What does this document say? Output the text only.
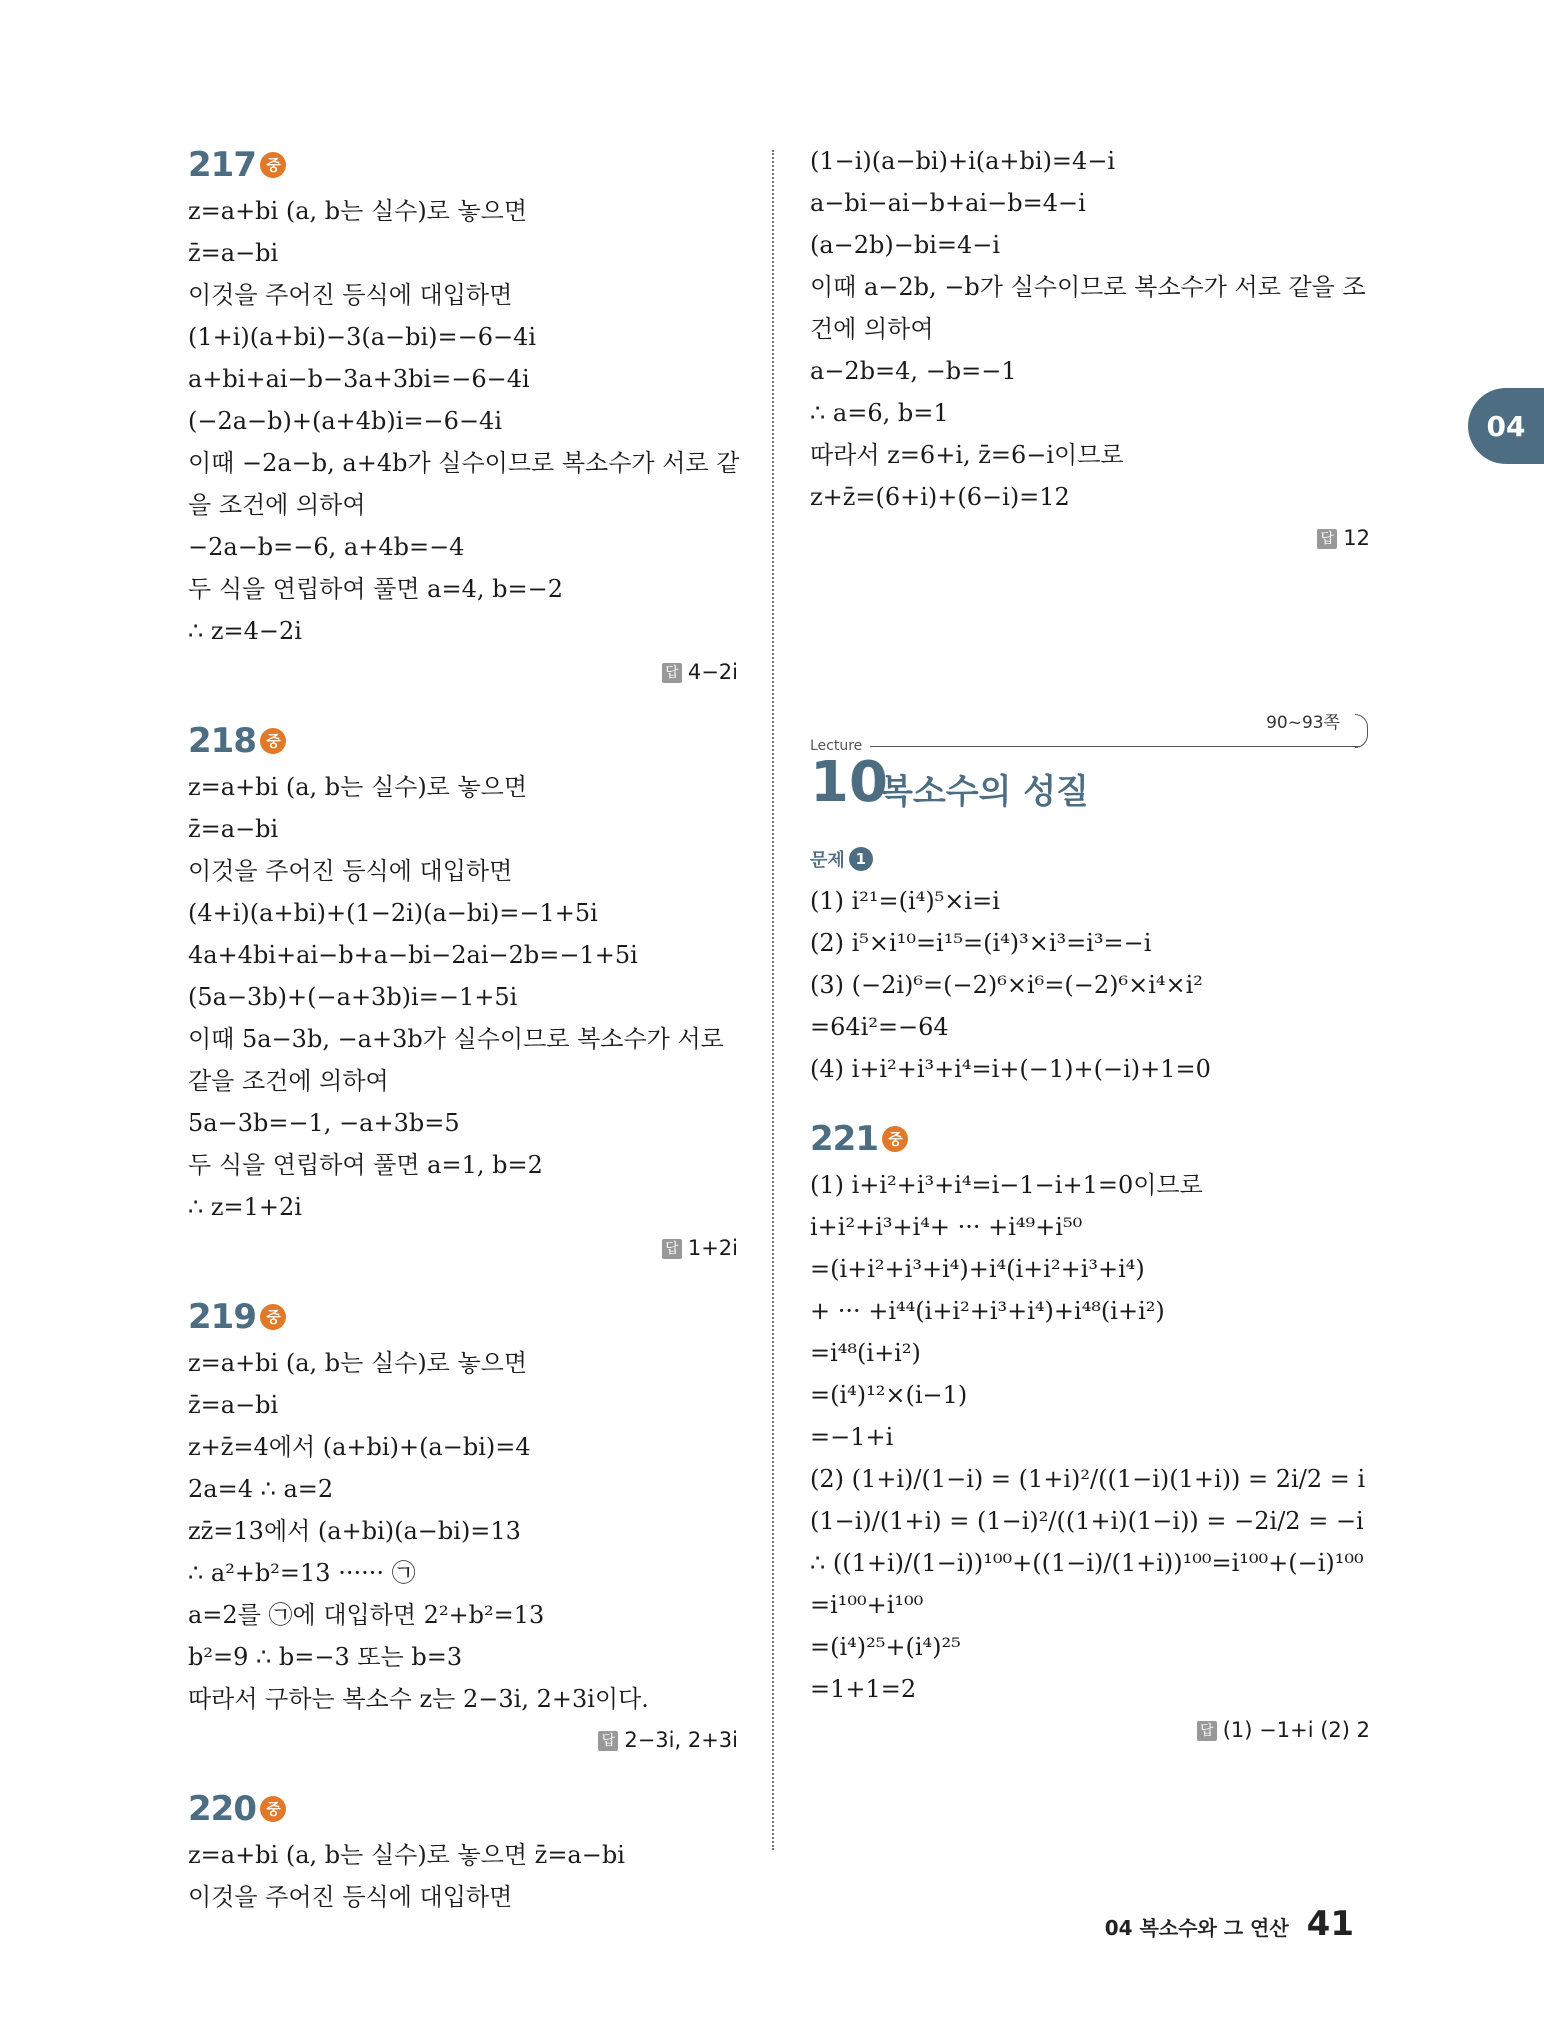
04
217 중
z=a+bi (a, b는 실수)로 놓으면
z̄=a−bi
이것을 주어진 등식에 대입하면
(1+i)(a+bi)−3(a−bi)=−6−4i
a+bi+ai−b−3a+3bi=−6−4i
(−2a−b)+(a+4b)i=−6−4i
이때 −2a−b, a+4b가 실수이므로 복소수가 서로 같
을 조건에 의하여
−2a−b=−6, a+4b=−4
두 식을 연립하여 풀면 a=4, b=−2
∴ z=4−2i
답 4−2i
218 중
z=a+bi (a, b는 실수)로 놓으면
z̄=a−bi
이것을 주어진 등식에 대입하면
(4+i)(a+bi)+(1−2i)(a−bi)=−1+5i
4a+4bi+ai−b+a−bi−2ai−2b=−1+5i
(5a−3b)+(−a+3b)i=−1+5i
이때 5a−3b, −a+3b가 실수이므로 복소수가 서로
같을 조건에 의하여
5a−3b=−1, −a+3b=5
두 식을 연립하여 풀면 a=1, b=2
∴ z=1+2i
답 1+2i
219 중
z=a+bi (a, b는 실수)로 놓으면
z̄=a−bi
z+z̄=4에서 (a+bi)+(a−bi)=4
2a=4 ∴ a=2
zz̄=13에서 (a+bi)(a−bi)=13
∴ a²+b²=13 ······ ㉠
a=2를 ㉠에 대입하면 2²+b²=13
b²=9 ∴ b=−3 또는 b=3
따라서 구하는 복소수 z는 2−3i, 2+3i이다.
답 2−3i, 2+3i
220 중
z=a+bi (a, b는 실수)로 놓으면 z̄=a−bi
이것을 주어진 등식에 대입하면
(1−i)(a−bi)+i(a+bi)=4−i
a−bi−ai−b+ai−b=4−i
(a−2b)−bi=4−i
이때 a−2b, −b가 실수이므로 복소수가 서로 같을 조
건에 의하여
a−2b=4, −b=−1
∴ a=6, b=1
따라서 z=6+i, z̄=6−i이므로
z+z̄=(6+i)+(6−i)=12
답 12
90~93쪽
Lecture
10
복소수의 성질
문제 1
(1) i²¹=(i⁴)⁵×i=i
(2) i⁵×i¹⁰=i¹⁵=(i⁴)³×i³=i³=−i
(3) (−2i)⁶=(−2)⁶×i⁶=(−2)⁶×i⁴×i²
=64i²=−64
(4) i+i²+i³+i⁴=i+(−1)+(−i)+1=0
221 중
(1) i+i²+i³+i⁴=i−1−i+1=0이므로
i+i²+i³+i⁴+ ··· +i⁴⁹+i⁵⁰
=(i+i²+i³+i⁴)+i⁴(i+i²+i³+i⁴)
+ ··· +i⁴⁴(i+i²+i³+i⁴)+i⁴⁸(i+i²)
=i⁴⁸(i+i²)
=(i⁴)¹²×(i−1)
=−1+i
(2) (1+i)/(1−i) = (1+i)²/((1−i)(1+i)) = 2i/2 = i
(1−i)/(1+i) = (1−i)²/((1+i)(1−i)) = −2i/2 = −i
∴ ((1+i)/(1−i))¹⁰⁰+((1−i)/(1+i))¹⁰⁰=i¹⁰⁰+(−i)¹⁰⁰
=i¹⁰⁰+i¹⁰⁰
=(i⁴)²⁵+(i⁴)²⁵
=1+1=2
답 (1) −1+i (2) 2
04 복소수와 그 연산 41
